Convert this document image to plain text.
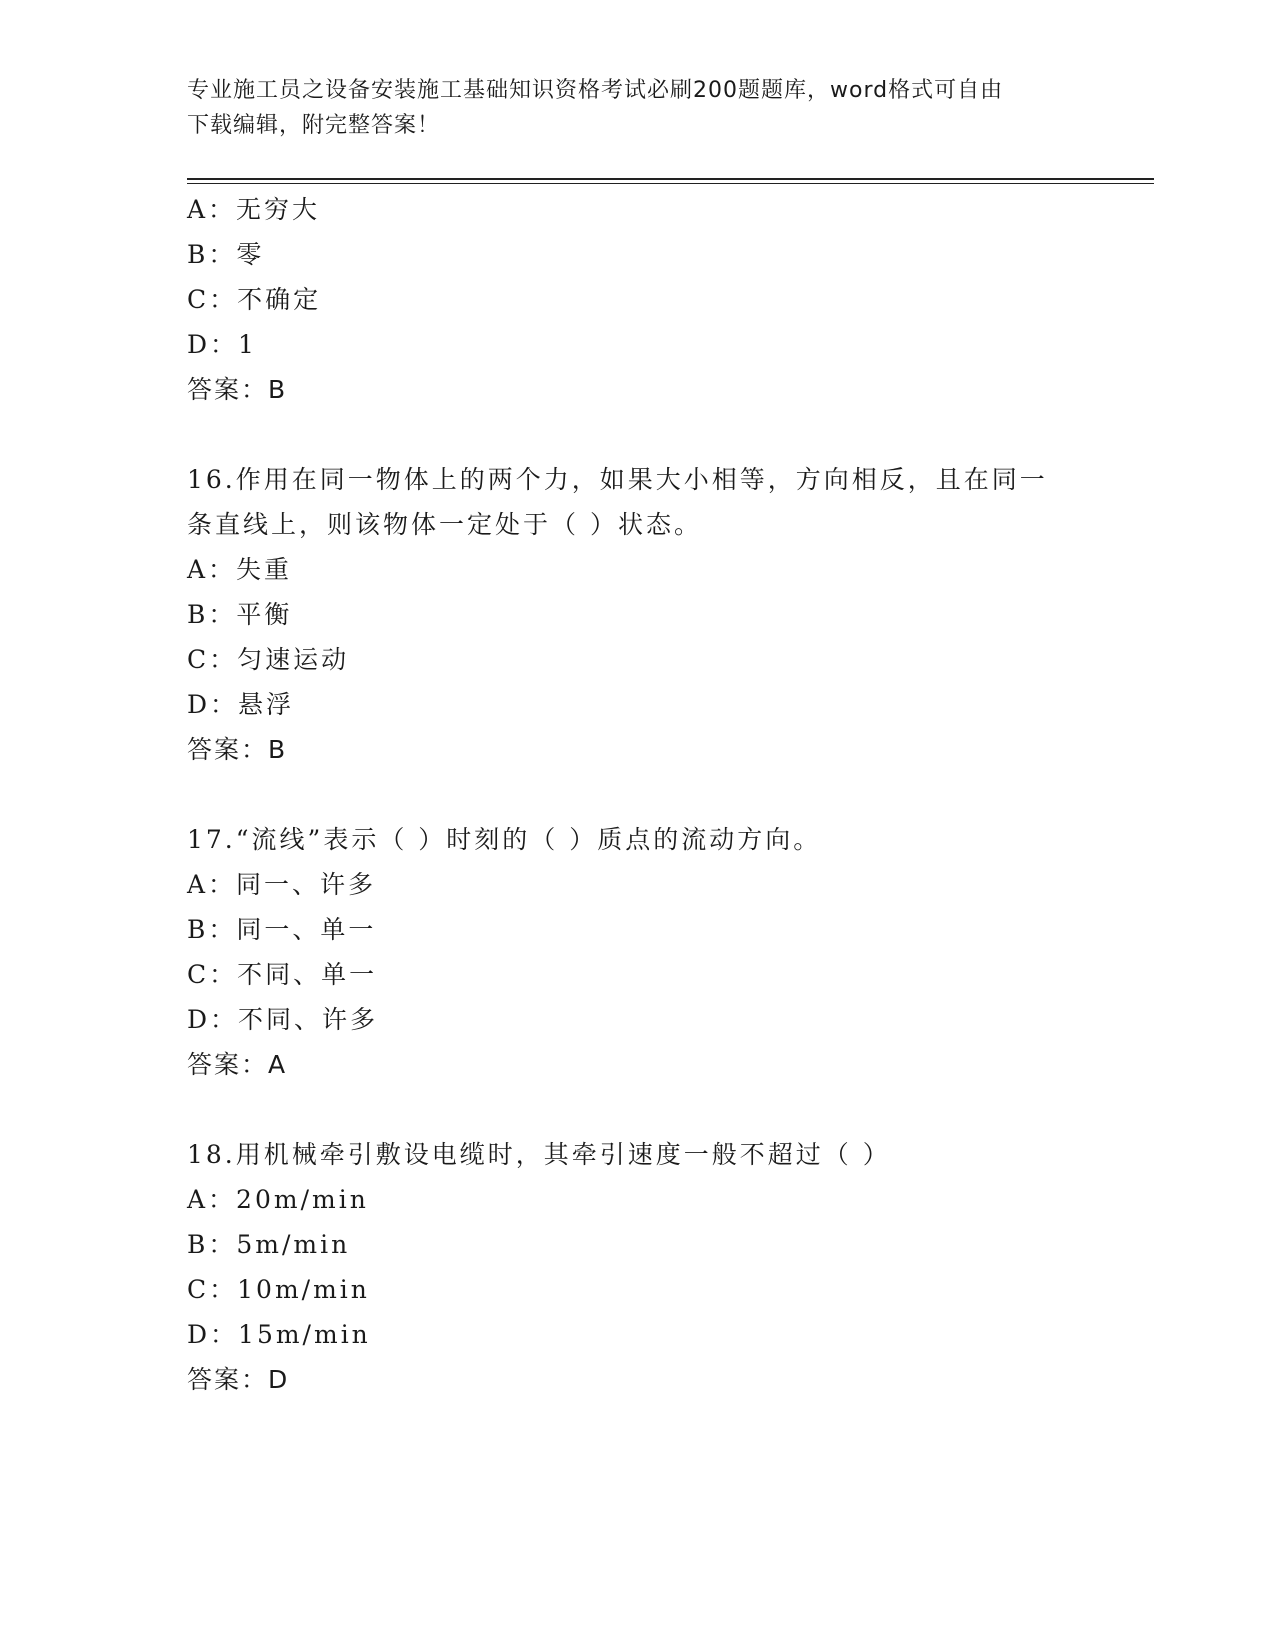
专业施工员之设备安装施工基础知识资格考试必刷200题题库，word格式可自由
下载编辑，附完整答案！
A：无穷大
B：零
C：不确定
D：1
答案：B
16.作用在同一物体上的两个力，如果大小相等，方向相反，且在同一
条直线上，则该物体一定处于（ ）状态。
A：失重
B：平衡
C：匀速运动
D：悬浮
答案：B
17.“流线”表示（ ）时刻的（ ）质点的流动方向。
A：同一、许多
B：同一、单一
C：不同、单一
D：不同、许多
答案：A
18.用机械牵引敷设电缆时，其牵引速度一般不超过（ ）
A：20m/min
B：5m/min
C：10m/min
D：15m/min
答案：D
